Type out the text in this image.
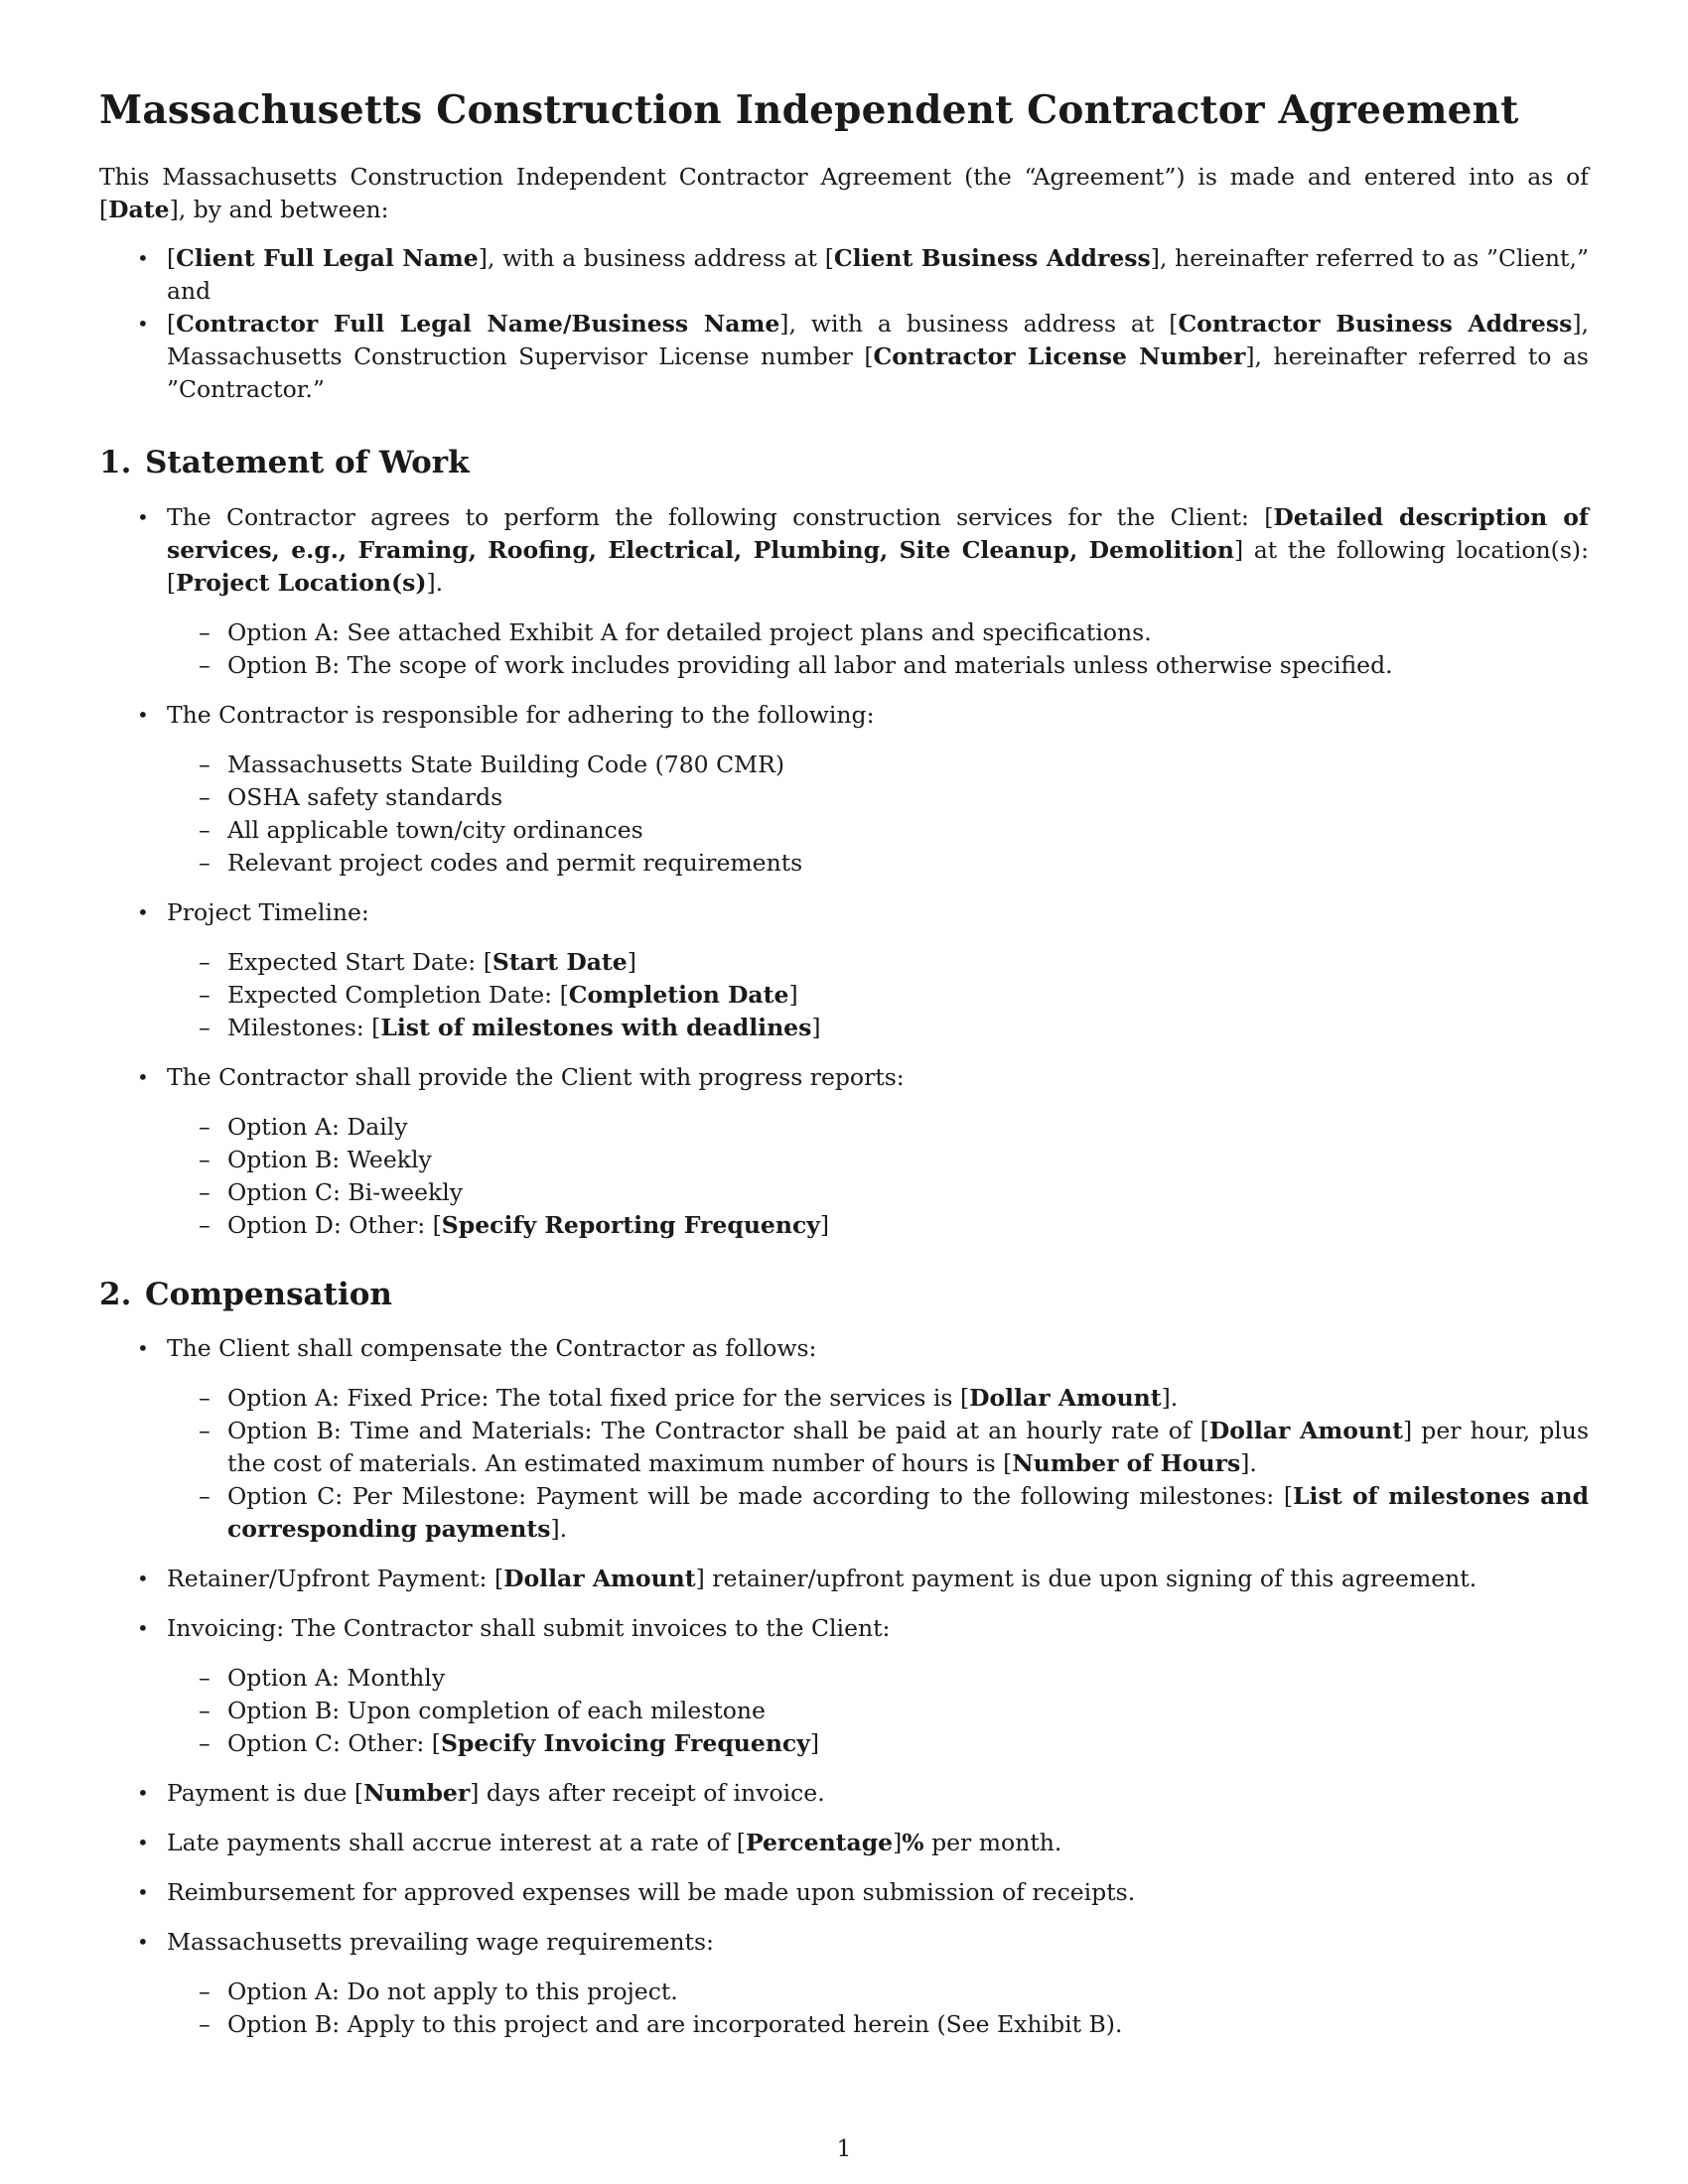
Massachusetts Construction Independent Contractor Agreement

This Massachusetts Construction Independent Contractor Agreement (the “Agreement”) is made and entered into as of [Date], by and between:

• [Client Full Legal Name], with a business address at [Client Business Address], hereinafter referred to as ”Client,” and
• [Contractor Full Legal Name/Business Name], with a business address at [Contractor Business Address], Massachusetts Construction Supervisor License number [Contractor License Number], hereinafter referred to as ”Contractor.”
1. Statement of Work
• The Contractor agrees to perform the following construction services for the Client: [Detailed description of services, e.g., Framing, Roofing, Electrical, Plumbing, Site Cleanup, Demolition] at the following location(s): [Project Location(s)].
– Option A: See attached Exhibit A for detailed project plans and specifications.
– Option B: The scope of work includes providing all labor and materials unless otherwise specified.
• The Contractor is responsible for adhering to the following:
– Massachusetts State Building Code (780 CMR)
– OSHA safety standards
– All applicable town/city ordinances
– Relevant project codes and permit requirements
• Project Timeline:
– Expected Start Date: [Start Date]
– Expected Completion Date: [Completion Date]
– Milestones: [List of milestones with deadlines]
• The Contractor shall provide the Client with progress reports:
– Option A: Daily
– Option B: Weekly
– Option C: Bi-weekly
– Option D: Other: [Specify Reporting Frequency]
2. Compensation
• The Client shall compensate the Contractor as follows:
– Option A: Fixed Price: The total fixed price for the services is [Dollar Amount].
– Option B: Time and Materials: The Contractor shall be paid at an hourly rate of [Dollar Amount] per hour, plus the cost of materials. An estimated maximum number of hours is [Number of Hours].
– Option C: Per Milestone: Payment will be made according to the following milestones: [List of milestones and corresponding payments].
• Retainer/Upfront Payment: [Dollar Amount] retainer/upfront payment is due upon signing of this agreement.
• Invoicing: The Contractor shall submit invoices to the Client:
– Option A: Monthly
– Option B: Upon completion of each milestone
– Option C: Other: [Specify Invoicing Frequency]
• Payment is due [Number] days after receipt of invoice.
• Late payments shall accrue interest at a rate of [Percentage]% per month.
• Reimbursement for approved expenses will be made upon submission of receipts.
• Massachusetts prevailing wage requirements:
– Option A: Do not apply to this project.
– Option B: Apply to this project and are incorporated herein (See Exhibit B).
1
